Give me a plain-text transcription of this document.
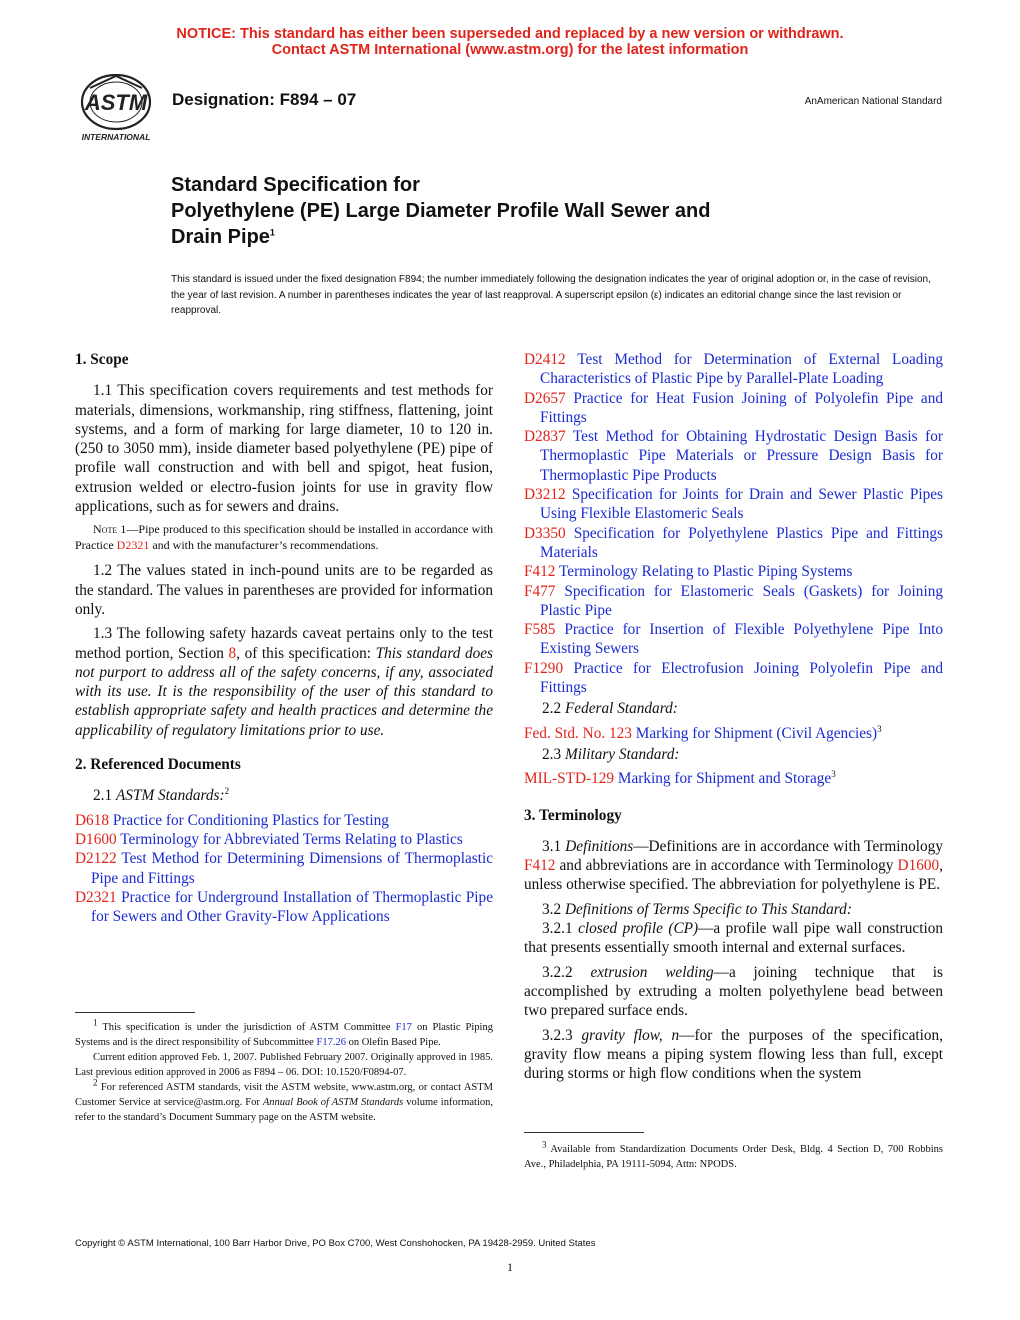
NOTICE: This standard has either been superseded and replaced by a new version or withdrawn.
Contact ASTM International (www.astm.org) for the latest information
ASTM
INTERNATIONAL
Designation: F894 – 07	AnAmerican National Standard
Standard Specification for
Polyethylene (PE) Large Diameter Profile Wall Sewer and
Drain Pipe$^1$
This standard is issued under the fixed designation F894; the number immediately following the designation indicates the year of original adoption or, in the case of revision, the year of last revision. A number in parentheses indicates the year of last reapproval. A superscript epsilon (ε) indicates an editorial change since the last revision or reapproval.

1. Scope

1.1 This specification covers requirements and test methods for materials, dimensions, workmanship, ring stiffness, flattening, joint systems, and a form of marking for large diameter, 10 to 120 in. (250 to 3050 mm), inside diameter based polyethylene (PE) pipe of profile wall construction and with bell and spigot, heat fusion, extrusion welded or electro-fusion joints for use in gravity flow applications, such as for sewers and drains.

Note 1—Pipe produced to this specification should be installed in accordance with Practice D2321 and with the manufacturer’s recommendations.

1.2 The values stated in inch-pound units are to be regarded as the standard. The values in parentheses are provided for information only.

1.3 The following safety hazards caveat pertains only to the test method portion, Section 8, of this specification: This standard does not purport to address all of the safety concerns, if any, associated with its use. It is the responsibility of the user of this standard to establish appropriate safety and health practices and determine the applicability of regulatory limitations prior to use.

2. Referenced Documents

2.1 ASTM Standards:$^2$

D618 Practice for Conditioning Plastics for Testing

D1600 Terminology for Abbreviated Terms Relating to Plastics

D2122 Test Method for Determining Dimensions of Thermoplastic Pipe and Fittings

D2321 Practice for Underground Installation of Thermoplastic Pipe for Sewers and Other Gravity-Flow Applications

D2412 Test Method for Determination of External Loading Characteristics of Plastic Pipe by Parallel-Plate Loading

D2657 Practice for Heat Fusion Joining of Polyolefin Pipe and Fittings

D2837 Test Method for Obtaining Hydrostatic Design Basis for Thermoplastic Pipe Materials or Pressure Design Basis for Thermoplastic Pipe Products

D3212 Specification for Joints for Drain and Sewer Plastic Pipes Using Flexible Elastomeric Seals

D3350 Specification for Polyethylene Plastics Pipe and Fittings Materials

F412 Terminology Relating to Plastic Piping Systems

F477 Specification for Elastomeric Seals (Gaskets) for Joining Plastic Pipe

F585 Practice for Insertion of Flexible Polyethylene Pipe Into Existing Sewers

F1290 Practice for Electrofusion Joining Polyolefin Pipe and Fittings

2.2 Federal Standard:

Fed. Std. No. 123 Marking for Shipment (Civil Agencies)$^3$

2.3 Military Standard:

MIL-STD-129 Marking for Shipment and Storage$^3$

3. Terminology

3.1 Definitions—Definitions are in accordance with Terminology F412 and abbreviations are in accordance with Terminology D1600, unless otherwise specified. The abbreviation for polyethylene is PE.

3.2 Definitions of Terms Specific to This Standard:

3.2.1 closed profile (CP)—a profile wall pipe wall construction that presents essentially smooth internal and external surfaces.

3.2.2 extrusion welding—a joining technique that is accomplished by extruding a molten polyethylene bead between two prepared surface ends.

3.2.3 gravity flow, n—for the purposes of the specification, gravity flow means a piping system flowing less than full, except during storms or high flow conditions when the system

$^1$ This specification is under the jurisdiction of ASTM Committee F17 on Plastic Piping Systems and is the direct responsibility of Subcommittee F17.26 on Olefin Based Pipe.

Current edition approved Feb. 1, 2007. Published February 2007. Originally approved in 1985. Last previous edition approved in 2006 as F894 – 06. DOI: 10.1520/F0894-07.

$^2$ For referenced ASTM standards, visit the ASTM website, www.astm.org, or contact ASTM Customer Service at service@astm.org. For Annual Book of ASTM Standards volume information, refer to the standard’s Document Summary page on the ASTM website.

$^3$ Available from Standardization Documents Order Desk, Bldg. 4 Section D, 700 Robbins Ave., Philadelphia, PA 19111-5094, Attn: NPODS.

Copyright © ASTM International, 100 Barr Harbor Drive, PO Box C700, West Conshohocken, PA 19428-2959. United States
1
